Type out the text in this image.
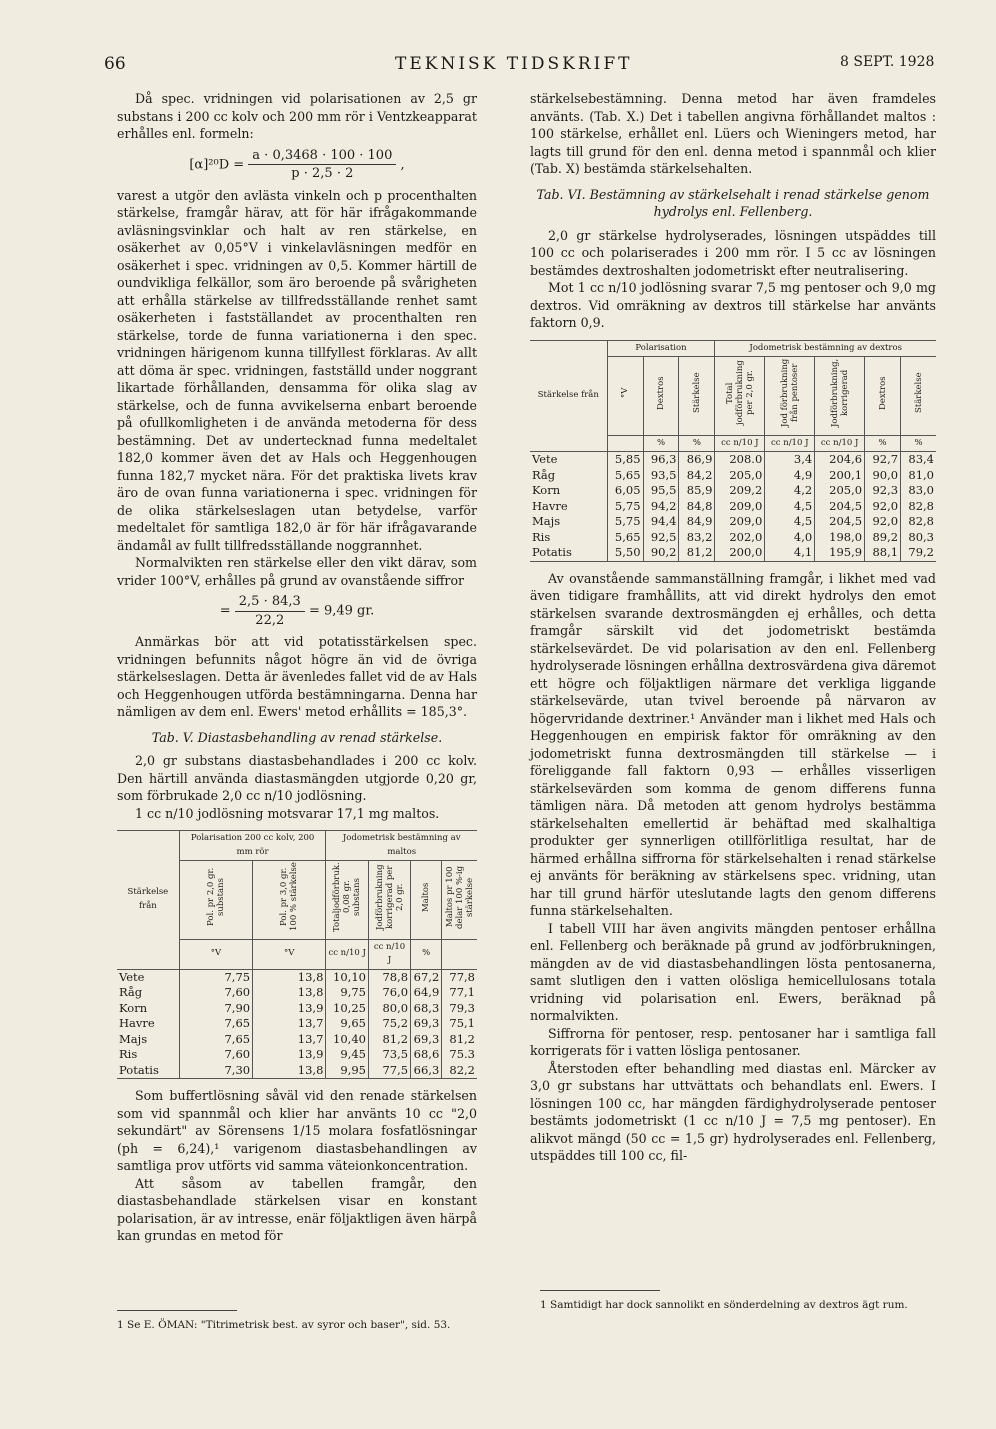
66	TEKNISK TIDSKRIFT	8 SEPT. 1928

Då spec. vridningen vid polarisationen av 2,5 gr substans i 200 cc kolv och 200 mm rör i Ventzkeapparat erhålles enl. formeln:

$[\alpha]^{20}D = \frac{a \cdot 0,3468 \cdot 100 \cdot 100}{p \cdot 2,5 \cdot 2}$ ,

varest a utgör den avlästa vinkeln och p procenthalten stärkelse, framgår härav, att för här ifrågakommande avläsningsvinklar och halt av ren stärkelse, en osäkerhet av 0,05°V i vinkelavläsningen medför en osäkerhet i spec. vridningen av 0,5. Kommer härtill de oundvikliga felkällor, som äro beroende på svårigheten att erhålla stärkelse av tillfredsställande renhet samt osäkerheten i fastställandet av procenthalten ren stärkelse, torde de funna variationerna i den spec. vridningen härigenom kunna tillfyllest förklaras. Av allt att döma är spec. vridningen, fastställd under noggrant likartade förhållanden, densamma för olika slag av stärkelse, och de funna avvikelserna enbart beroende på ofullkomligheten i de använda metoderna för dess bestämning. Det av undertecknad funna medeltalet 182,0 kommer även det av Hals och Heggenhougen funna 182,7 mycket nära. För det praktiska livets krav äro de ovan funna variationerna i spec. vridningen för de olika stärkelseslagen utan betydelse, varför medeltalet för samtliga 182,0 är för här ifrågavarande ändamål av fullt tillfredsställande noggrannhet.

Normalvikten ren stärkelse eller den vikt därav, som vrider 100°V, erhålles på grund av ovanstående siffror

= $\frac{2,5 \cdot 84,3}{22,2} = 9,49$ gr.

Anmärkas bör att vid potatisstärkelsen spec. vridningen befunnits något högre än vid de övriga stärkelseslagen. Detta är ävenledes fallet vid de av Hals och Heggenhougen utförda bestämningarna. Denna har nämligen av dem enl. Ewers' metod erhållits = 185,3°.

Tab. V. Diastasbehandling av renad stärkelse.

2,0 gr substans diastasbehandlades i 200 cc kolv. Den härtill använda diastasmängden utgjorde 0,20 gr, som förbrukade 2,0 cc n/10 jodlösning.

1 cc n/10 jodlösning motsvarar 17,1 mg maltos.

Stärkelse från	Polarisation 200 cc kolv, 200 mm rör		Jodometrisk bestämning av maltos			
	Pol. pr 2,0 gr. substans	Pol. pr 3,0 gr. 100 % stärkelse	Totaljodförbruk. 0,08 gr. substans	Jodförbrukning korrigerad per 2,0 gr.	Maltos	Maltos pr 100 delar 100 %-ig stärkelse
	°V	°V	cc n/10 J	cc n/10 J	%	
Vete	7,75	13,8	10,10	78,8	67,2	77,8
Råg	7,60	13,8	9,75	76,0	64,9	77,1
Korn	7,90	13,9	10,25	80,0	68,3	79,3
Havre	7,65	13,7	9,65	75,2	69,3	75,1
Majs	7,65	13,7	10,40	81,2	69,3	81,2
Ris	7,60	13,9	9,45	73,5	68,6	75.3
Potatis	7,30	13,8	9,95	77,5	66,3	82,2

Som buffertlösning såväl vid den renade stärkelsen som vid spannmål och klier har använts 10 cc "2,0 sekundärt" av Sörensens 1/15 molara fosfatlösningar (ph = 6,24),¹ varigenom diastasbehandlingen av samtliga prov utförts vid samma väteionkoncentration.

Att såsom av tabellen framgår, den diastasbehandlade stärkelsen visar en konstant polarisation, är av intresse, enär följaktligen även härpå kan grundas en metod för

stärkelsebestämning. Denna metod har även framdeles använts. (Tab. X.) Det i tabellen angivna förhållandet maltos : 100 stärkelse, erhållet enl. Lüers och Wieningers metod, har lagts till grund för den enl. denna metod i spannmål och klier (Tab. X) bestämda stärkelsehalten.

Tab. VI. Bestämning av stärkelsehalt i renad stärkelse genom hydrolys enl. Fellenberg.

2,0 gr stärkelse hydrolyserades, lösningen utspäddes till 100 cc och polariserades i 200 mm rör. I 5 cc av lösningen bestämdes dextroshalten jodometriskt efter neutralisering.

Mot 1 cc n/10 jodlösning svarar 7,5 mg pentoser och 9,0 mg dextros. Vid omräkning av dextros till stärkelse har använts faktorn 0,9.

Stärkelse från	Polarisation			Jodometrisk bestämning av dextros				
	°V	Dextros	Stärkelse	Total jodförbrukning per 2,0 gr.	Jod förbrukning från pentoser	Jodförbrukning, korrigerad	Dextros	Stärkelse
		%	%	cc n/10 J	cc n/10 J	cc n/10 J	%	%
Vete	5,85	96,3	86,9	208.0	3,4	204,6	92,7	83,4
Råg	5,65	93,5	84,2	205,0	4,9	200,1	90,0	81,0
Korn	6,05	95,5	85,9	209,2	4,2	205,0	92,3	83,0
Havre	5,75	94,2	84,8	209,0	4,5	204,5	92,0	82,8
Majs	5,75	94,4	84,9	209,0	4,5	204,5	92,0	82,8
Ris	5,65	92,5	83,2	202,0	4,0	198,0	89,2	80,3
Potatis	5,50	90,2	81,2	200,0	4,1	195,9	88,1	79,2

Av ovanstående sammanställning framgår, i likhet med vad även tidigare framhållits, att vid direkt hydrolys den emot stärkelsen svarande dextrosmängden ej erhålles, och detta framgår särskilt vid det jodometriskt bestämda stärkelsevärdet. De vid polarisation av den enl. Fellenberg hydrolyserade lösningen erhållna dextrosvärdena giva däremot ett högre och följaktligen närmare det verkliga liggande stärkelsevärde, utan tvivel beroende på närvaron av högervridande dextriner.¹ Använder man i likhet med Hals och Heggenhougen en empirisk faktor för omräkning av den jodometriskt funna dextrosmängden till stärkelse — i föreliggande fall faktorn 0,93 — erhålles visserligen stärkelsevärden som komma de genom differens funna tämligen nära. Då metoden att genom hydrolys bestämma stärkelsehalten emellertid är behäftad med skalhaltiga produkter ger synnerligen otillförlitliga resultat, har de härmed erhållna siffrorna för stärkelsehalten i renad stärkelse ej använts för beräkning av stärkelsens spec. vridning, utan har till grund härför uteslutande lagts den genom differens funna stärkelsehalten.

I tabell VIII har även angivits mängden pentoser erhållna enl. Fellenberg och beräknade på grund av jodförbrukningen, mängden av de vid diastasbehandlingen lösta pentosanerna, samt slutligen den i vatten olösliga hemicellulosans totala vridning vid polarisation enl. Ewers, beräknad på normalvikten.

Siffrorna för pentoser, resp. pentosaner har i samtliga fall korrigerats för i vatten lösliga pentosaner.

Återstoden efter behandling med diastas enl. Märcker av 3,0 gr substans har uttvättats och behandlats enl. Ewers. I lösningen 100 cc, har mängden färdighydrolyserade pentoser bestämts jodometriskt (1 cc n/10 J = 7,5 mg pentoser). En alikvot mängd (50 cc = 1,5 gr) hydrolyserades enl. Fellenberg, utspäddes till 100 cc, fil-

1 Se E. ÖMAN: "Titrimetrisk best. av syror och baser", sid. 53.
1 Samtidigt har dock sannolikt en sönderdelning av dextros ägt rum.
